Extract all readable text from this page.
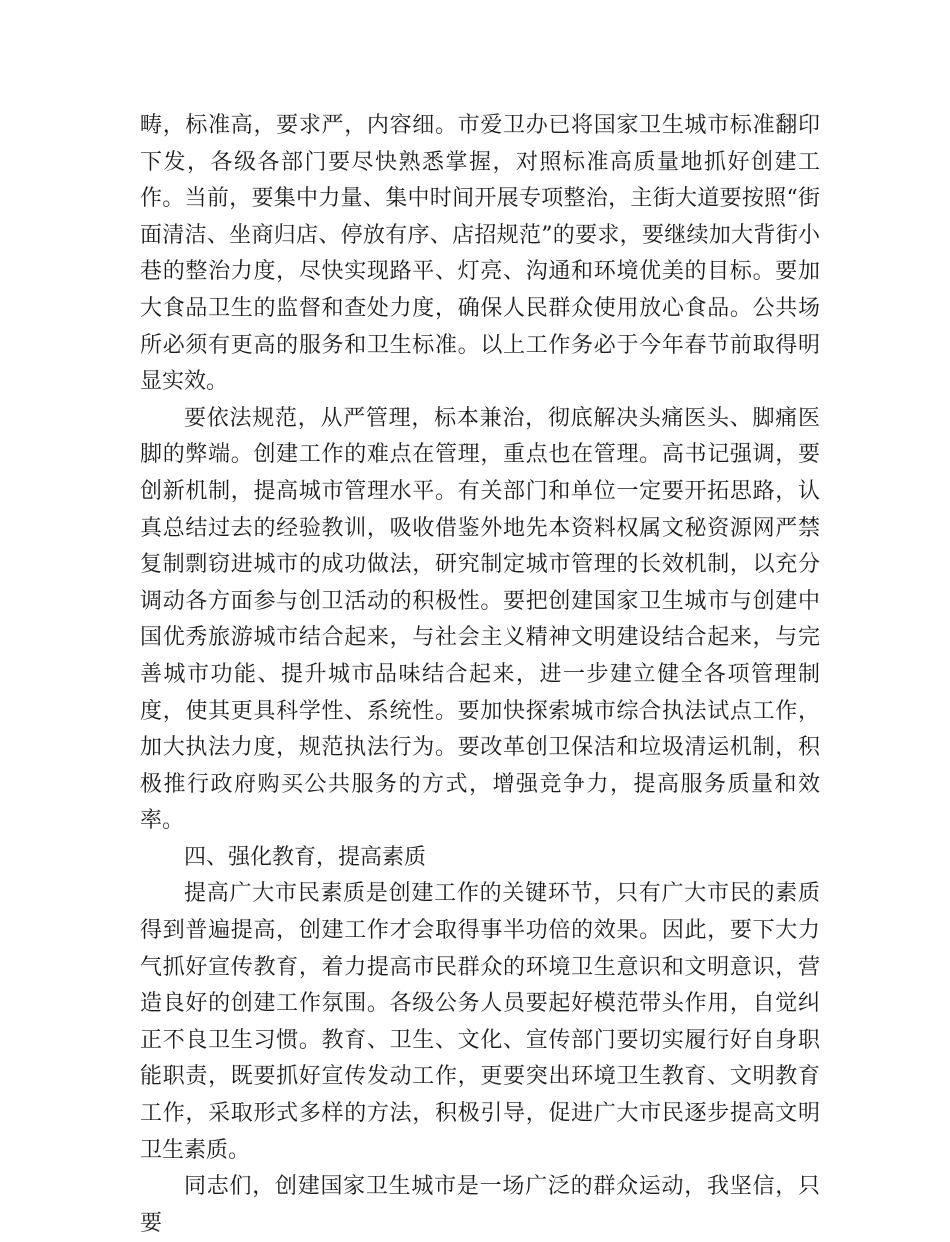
畴，标准高，要求严，内容细。市爱卫办已将国家卫生城市标准翻印下发，各级各部门要尽快熟悉掌握，对照标准高质量地抓好创建工作。当前，要集中力量、集中时间开展专项整治，主街大道要按照“街面清洁、坐商归店、停放有序、店招规范”的要求，要继续加大背街小巷的整治力度，尽快实现路平、灯亮、沟通和环境优美的目标。要加大食品卫生的监督和查处力度，确保人民群众使用放心食品。公共场所必须有更高的服务和卫生标准。以上工作务必于今年春节前取得明显实效。

要依法规范，从严管理，标本兼治，彻底解决头痛医头、脚痛医脚的弊端。创建工作的难点在管理，重点也在管理。高书记强调，要创新机制，提高城市管理水平。有关部门和单位一定要开拓思路，认真总结过去的经验教训，吸收借鉴外地先本资料权属文秘资源网严禁复制剽窃进城市的成功做法，研究制定城市管理的长效机制，以充分调动各方面参与创卫活动的积极性。要把创建国家卫生城市与创建中国优秀旅游城市结合起来，与社会主义精神文明建设结合起来，与完善城市功能、提升城市品味结合起来，进一步建立健全各项管理制度，使其更具科学性、系统性。要加快探索城市综合执法试点工作，加大执法力度，规范执法行为。要改革创卫保洁和垃圾清运机制，积极推行政府购买公共服务的方式，增强竞争力，提高服务质量和效率。

四、强化教育，提高素质

提高广大市民素质是创建工作的关键环节，只有广大市民的素质得到普遍提高，创建工作才会取得事半功倍的效果。因此，要下大力气抓好宣传教育，着力提高市民群众的环境卫生意识和文明意识，营造良好的创建工作氛围。各级公务人员要起好模范带头作用，自觉纠正不良卫生习惯。教育、卫生、文化、宣传部门要切实履行好自身职能职责，既要抓好宣传发动工作，更要突出环境卫生教育、文明教育工作，采取形式多样的方法，积极引导，促进广大市民逐步提高文明卫生素质。

同志们，创建国家卫生城市是一场广泛的群众运动，我坚信，只要
